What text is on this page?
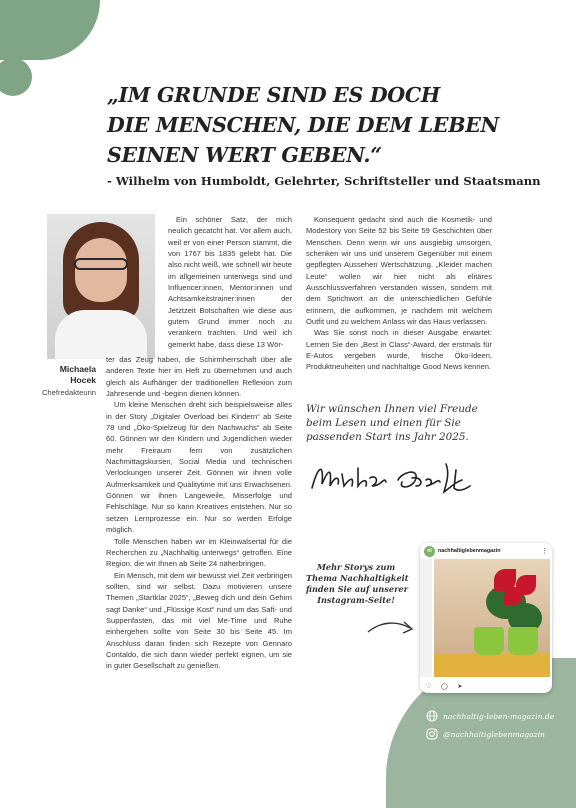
„IM GRUNDE SIND ES DOCH
DIE MENSCHEN, DIE DEM LEBEN
SEINEN WERT GEBEN.“
- Wilhelm von Humboldt, Gelehrter, Schriftsteller und Staatsmann
Michaela
Hocek
Chefredakteurin

Ein schöner Satz, der mich neulich gecatcht hat. Vor allem auch, weil er von einer Person stammt, die von 1767 bis 1835 gelebt hat. Die also nicht weiß, wie schnell wir heute im allgemeinen unterwegs sind und Influencer:innen, Mentor:innen und Achtsamkeitstrainer:innen der Jetztzeit Botschaften wie diese aus gutem Grund immer noch zu verankern trachten. Und weil ich gemerkt habe, dass diese 13 Wör-

ter das Zeug haben, die Schirmherrschaft über alle anderen Texte hier im Heft zu übernehmen und auch gleich als Aufhänger der traditionellen Reflexion zum Jahresende und -beginn dienen können.

Um kleine Menschen dreht sich beispielsweise alles in der Story „Digitaler Overload bei Kindern“ ab Seite 78 und „Öko-Spielzeug für den Nachwuchs“ ab Seite 60. Gönnen wir den Kindern und Jugendlichen wieder mehr Freiraum fern von zusätzlichen Nachmittagskursen, Social Media und technischen Verlockungen unserer Zeit. Gönnen wir ihnen volle Aufmerksamkeit und Qualitytime mit uns Erwachsenen. Gönnen wir ihnen Langeweile, Misserfolge und Fehlschläge. Nur so kann Kreatives entstehen. Nur so setzen Lernprozesse ein. Nur so werden Erfolge möglich.

Tolle Menschen haben wir im Kleinwalsertal für die Recherchen zu „Nachhaltig unterwegs“ getroffen. Eine Region, die wir Ihnen ab Seite 24 näherbringen.

Ein Mensch, mit dem wir bewusst viel Zeit verbringen sollten, sind wir selbst. Dazu motivieren unsere Themen „Startklar 2025“, „Beweg dich und dein Gehirn sagt Danke“ und „Flüssige Kost“ rund um das Saft- und Suppenfasten, das mit viel Me-Time und Ruhe einhergehen sollte von Seite 30 bis Seite 45. Im Anschluss daran finden sich Rezepte von Gennaro Contaldo, die sich dann wieder perfekt eignen, um sie in guter Gesellschaft zu genießen.

Konsequent gedacht sind auch die Kosmetik- und Modestory von Seite 52 bis Seite 59 Geschichten über Menschen. Denn wenn wir uns ausgiebig umsorgen, schenken wir uns und unserem Gegenüber mit einem gepflegten Aussehen Wertschätzung. „Kleider machen Leute“ wollen wir hier nicht als elitäres Ausschlussverfahren verstanden wissen, sondern mit dem Sprichwort an die unterschiedlichen Gefühle erinnern, die aufkommen, je nachdem mit welchem Outfit und zu welchem Anlass wir das Haus verlassen.

Was Sie sonst noch in dieser Ausgabe erwartet: Lernen Sie den „Best in Class“-Award, der erstmals für E-Autos vergeben wurde, frische Öko-Ideen, Produktneuheiten und nachhaltige Good News kennen.

Wir wünschen Ihnen viel Freude
beim Lesen und einen für Sie
passenden Start ins Jahr 2025.
Mehr Storys zum
Thema Nachhaltigkeit
finden Sie auf unserer
Instagram-Seite!
nl	nachhaltiglebenmagazin	⋮
♡ ◯ ➤
nachhaltig-leben-magazin.de
@nachhaltiglebenmagazin
